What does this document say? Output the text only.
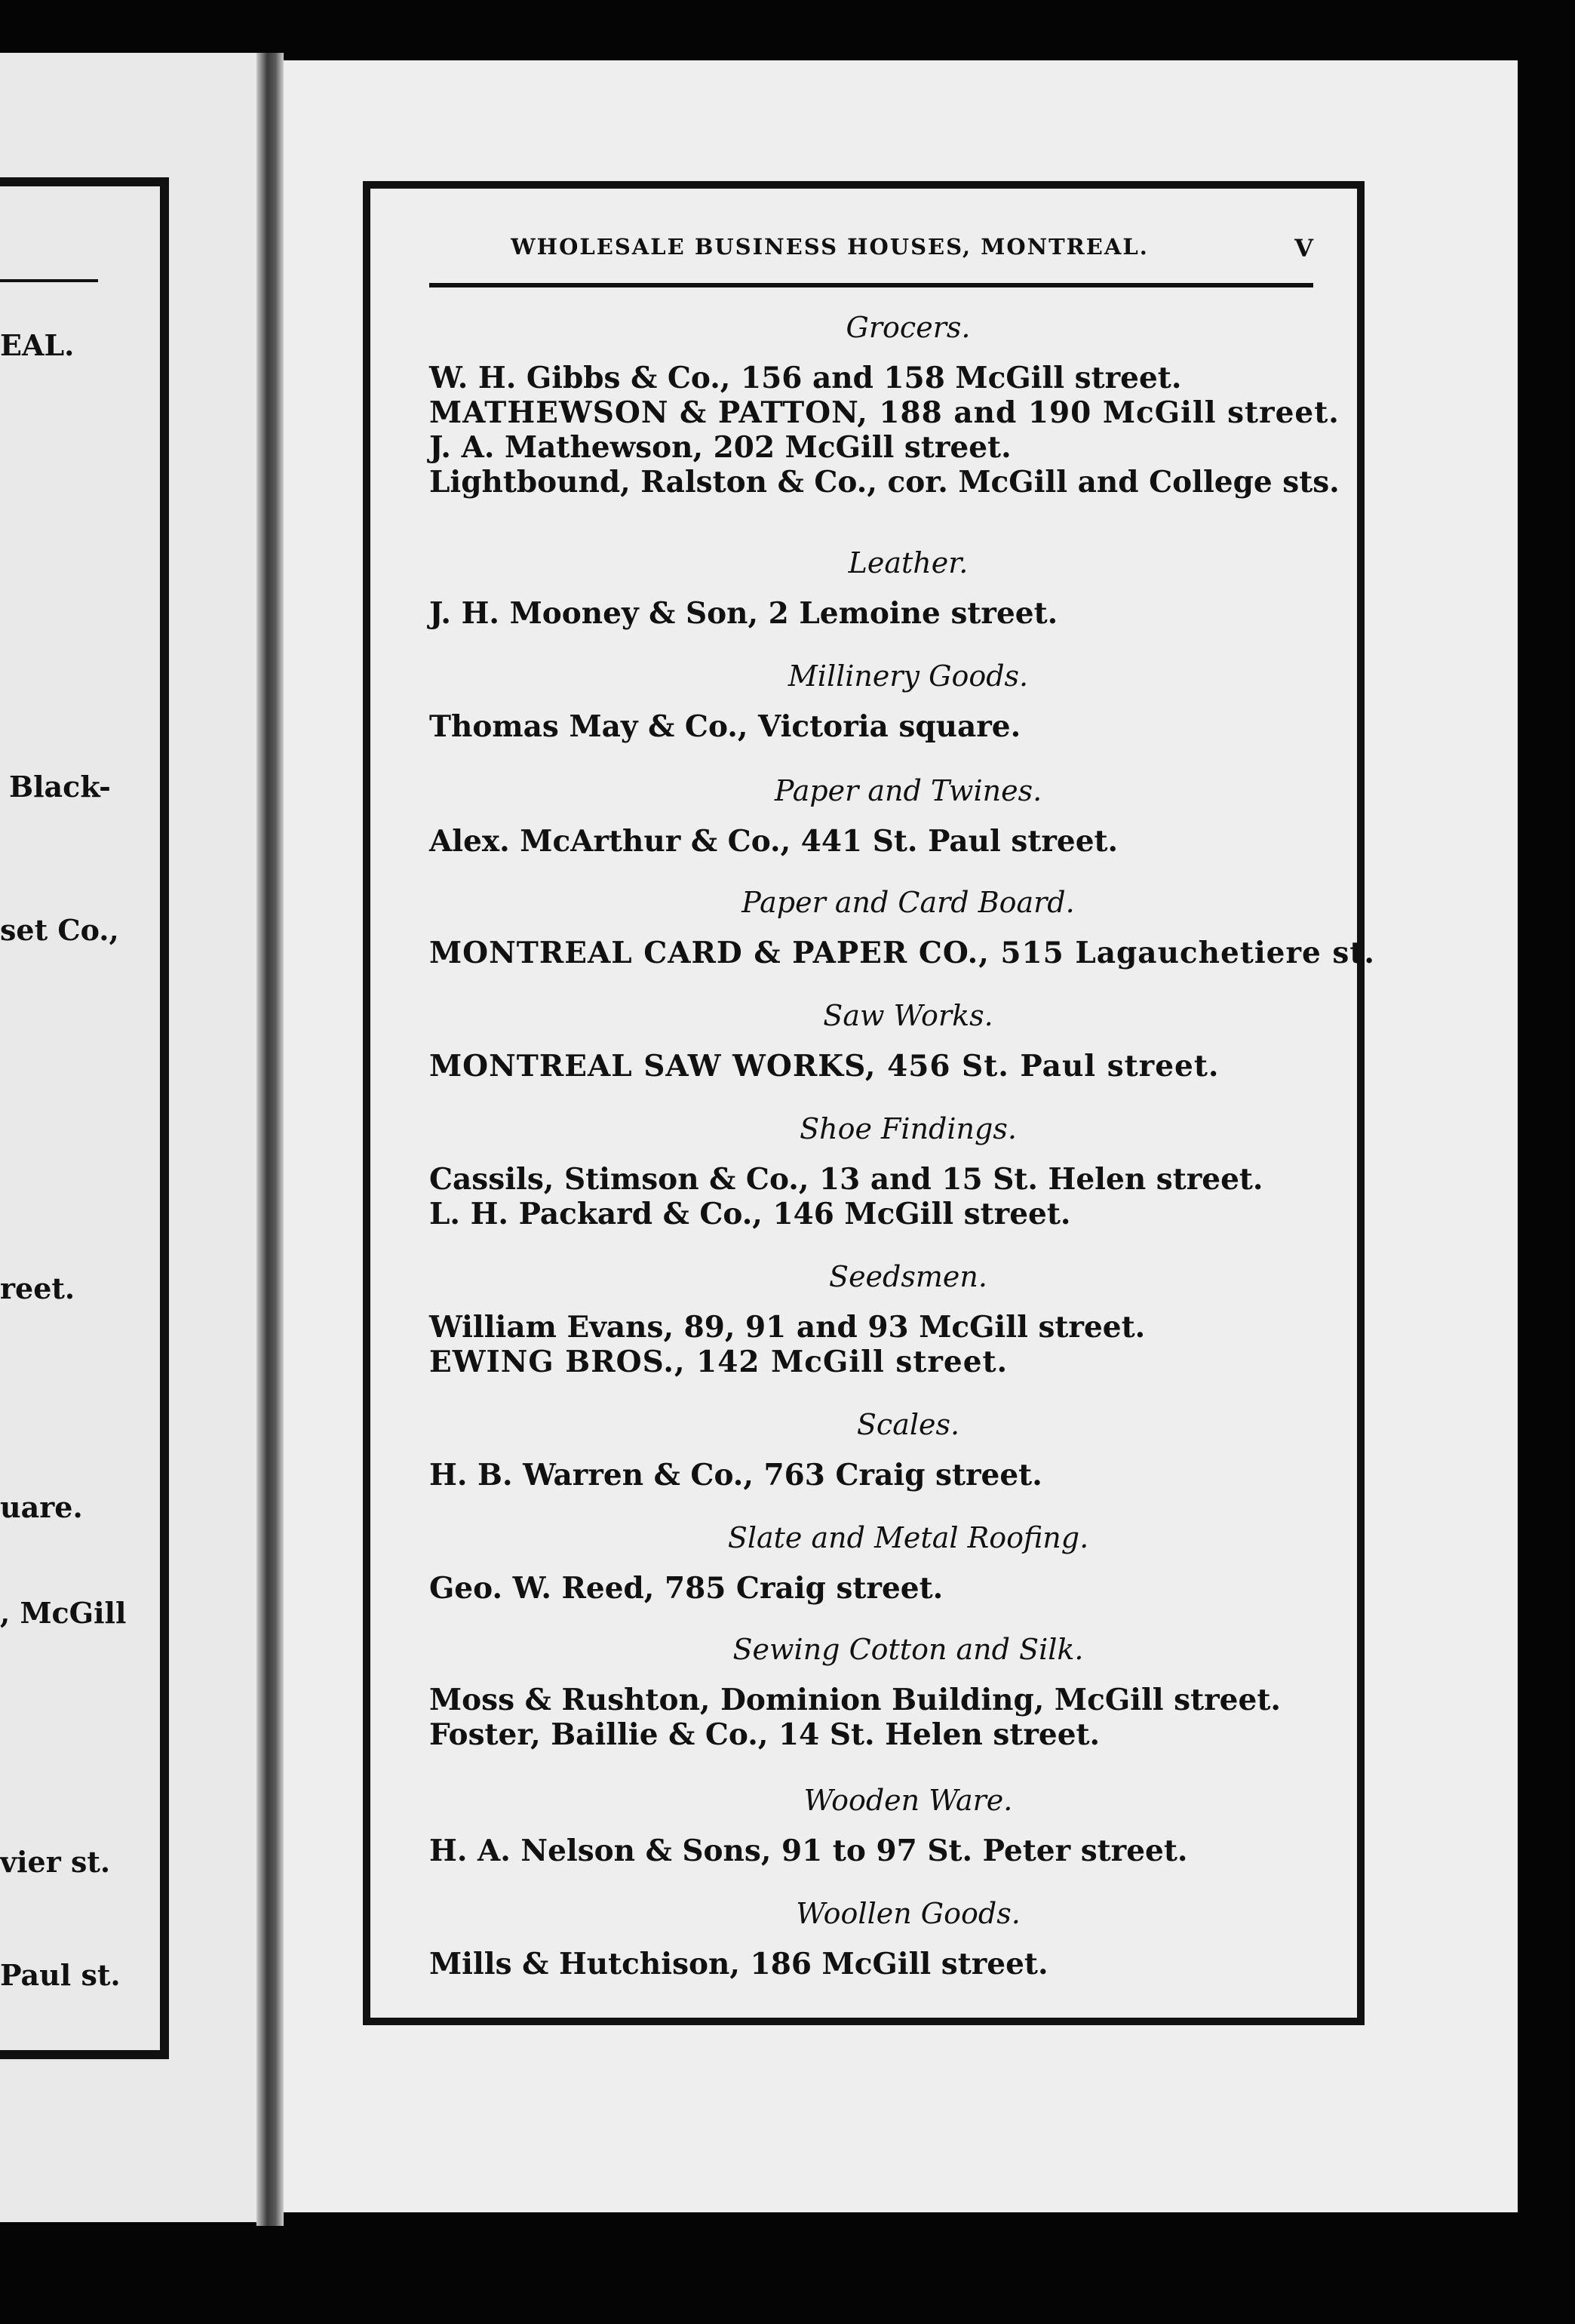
EAL.
Black-
set Co.,
reet.
uare.
, McGill
vier st.
Paul st.
WHOLESALE BUSINESS HOUSES, MONTREAL.	V
Grocers.
W. H. Gibbs & Co., 156 and 158 McGill street.
MATHEWSON & PATTON, 188 and 190 McGill street.
J. A. Mathewson, 202 McGill street.
Lightbound, Ralston & Co., cor. McGill and College sts.
Leather.
J. H. Mooney & Son, 2 Lemoine street.
Millinery Goods.
Thomas May & Co., Victoria square.
Paper and Twines.
Alex. McArthur & Co., 441 St. Paul street.
Paper and Card Board.
MONTREAL CARD & PAPER CO., 515 Lagauchetiere st.
Saw Works.
MONTREAL SAW WORKS, 456 St. Paul street.
Shoe Findings.
Cassils, Stimson & Co., 13 and 15 St. Helen street.
L. H. Packard & Co., 146 McGill street.
Seedsmen.
William Evans, 89, 91 and 93 McGill street.
EWING BROS., 142 McGill street.
Scales.
H. B. Warren & Co., 763 Craig street.
Slate and Metal Roofing.
Geo. W. Reed, 785 Craig street.
Sewing Cotton and Silk.
Moss & Rushton, Dominion Building, McGill street.
Foster, Baillie & Co., 14 St. Helen street.
Wooden Ware.
H. A. Nelson & Sons, 91 to 97 St. Peter street.
Woollen Goods.
Mills & Hutchison, 186 McGill street.
